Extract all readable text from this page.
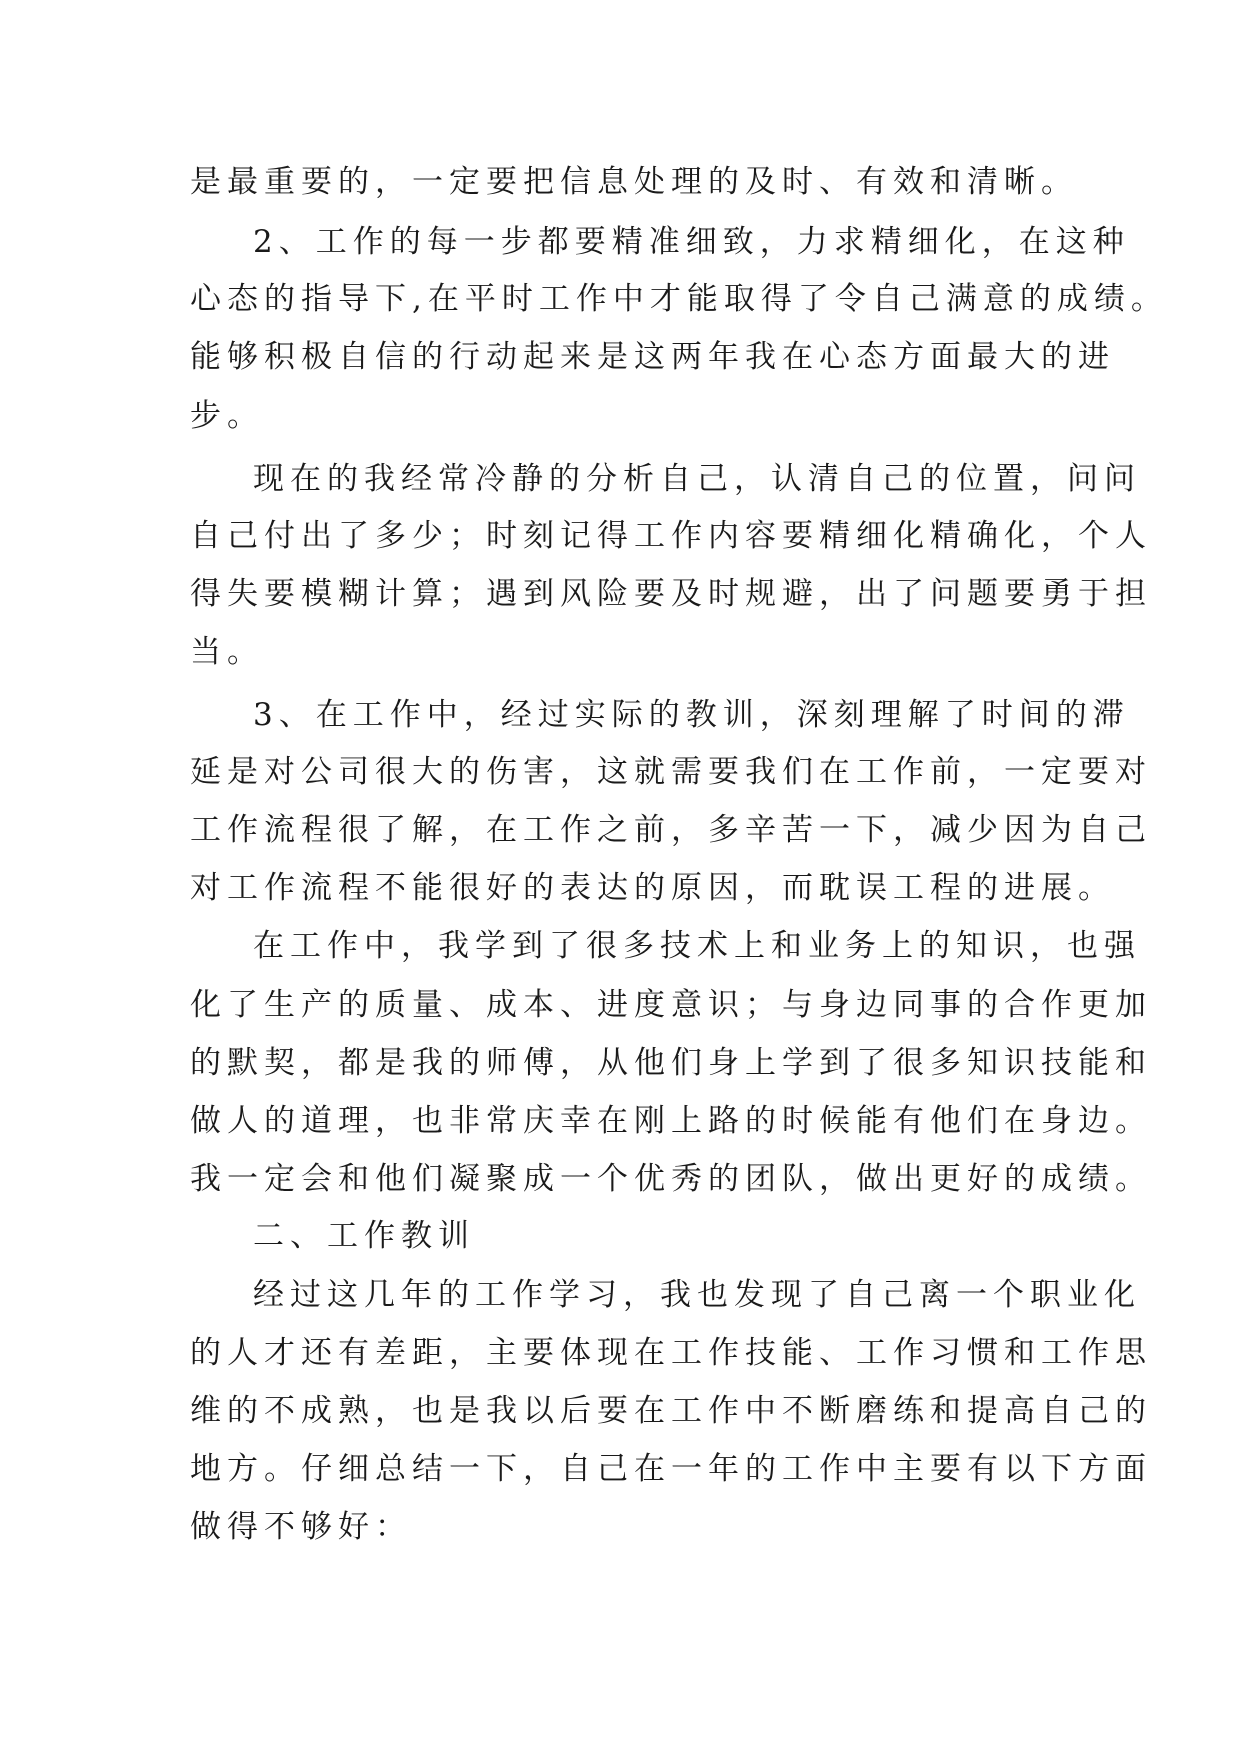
是最重要的，一定要把信息处理的及时、有效和清晰。
2、工作的每一步都要精准细致，力求精细化，在这种
心态的指导下,在平时工作中才能取得了令自己满意的成绩。
能够积极自信的行动起来是这两年我在心态方面最大的进
步。
现在的我经常冷静的分析自己，认清自己的位置，问问
自己付出了多少；时刻记得工作内容要精细化精确化，个人
得失要模糊计算；遇到风险要及时规避，出了问题要勇于担
当。
3、在工作中，经过实际的教训，深刻理解了时间的滞
延是对公司很大的伤害，这就需要我们在工作前，一定要对
工作流程很了解，在工作之前，多辛苦一下，减少因为自己
对工作流程不能很好的表达的原因，而耽误工程的进展。
在工作中，我学到了很多技术上和业务上的知识，也强
化了生产的质量、成本、进度意识；与身边同事的合作更加
的默契，都是我的师傅，从他们身上学到了很多知识技能和
做人的道理，也非常庆幸在刚上路的时候能有他们在身边。
我一定会和他们凝聚成一个优秀的团队，做出更好的成绩。
二、工作教训
经过这几年的工作学习，我也发现了自己离一个职业化
的人才还有差距，主要体现在工作技能、工作习惯和工作思
维的不成熟，也是我以后要在工作中不断磨练和提高自己的
地方。仔细总结一下，自己在一年的工作中主要有以下方面
做得不够好：
